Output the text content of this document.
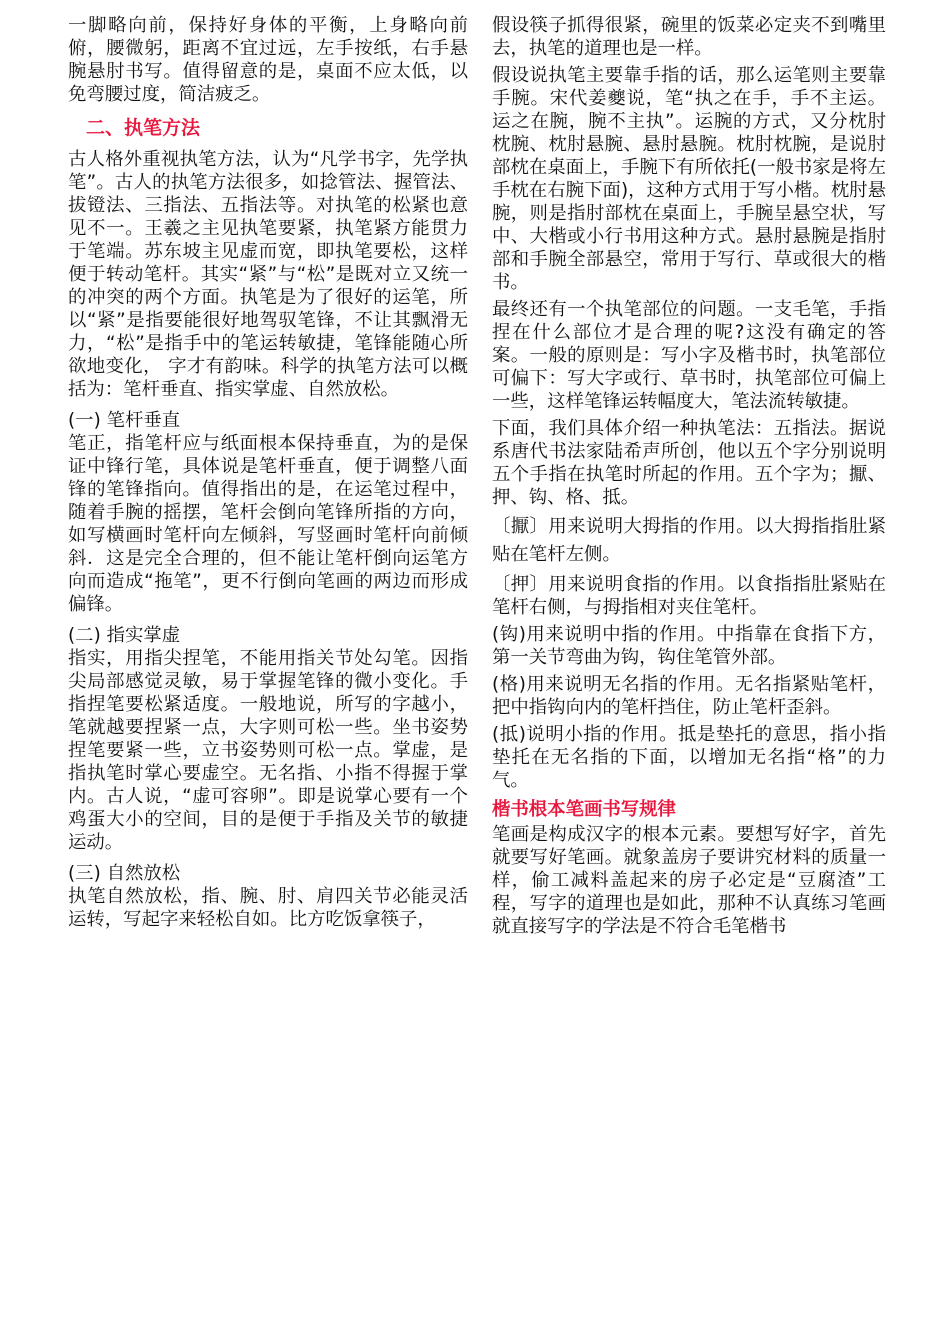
一脚略向前，保持好身体的平衡，上身略向前俯，腰微躬，距离不宜过远，左手按纸，右手悬腕悬肘书写。值得留意的是，桌面不应太低，以免弯腰过度，简洁疲乏。

二、执笔方法

古人格外重视执笔方法，认为“凡学书字，先学执笔”。古人的执笔方法很多，如捻管法、握管法、拔镫法、三指法、五指法等。对执笔的松紧也意见不一。王羲之主见执笔要紧，执笔紧方能贯力于笔端。苏东坡主见虚而宽，即执笔要松，这样便于转动笔杆。其实“紧”与“松”是既对立又统一的冲突的两个方面。执笔是为了很好的运笔，所以“紧”是指要能很好地驾驭笔锋，不让其飘滑无力，“松”是指手中的笔运转敏捷，笔锋能随心所欲地变化， 字才有韵味。科学的执笔方法可以概括为：笔杆垂直、指实掌虚、自然放松。

(一) 笔杆垂直

笔正，指笔杆应与纸面根本保持垂直，为的是保证中锋行笔，具体说是笔杆垂直，便于调整八面锋的笔锋指向。值得指出的是，在运笔过程中，随着手腕的摇摆，笔杆会倒向笔锋所指的方向，如写横画时笔杆向左倾斜，写竖画时笔杆向前倾斜．这是完全合理的，但不能让笔杆倒向运笔方向而造成“拖笔”，更不行倒向笔画的两边而形成偏锋。

(二) 指实掌虚

指实，用指尖捏笔，不能用指关节处勾笔。因指尖局部感觉灵敏，易于掌握笔锋的微小变化。手指捏笔要松紧适度。一般地说，所写的字越小，笔就越要捏紧一点，大字则可松一些。坐书姿势捏笔要紧一些，立书姿势则可松一点。掌虚，是指执笔时掌心要虚空。无名指、小指不得握于掌内。古人说，“虚可容卵”。即是说掌心要有一个鸡蛋大小的空间，目的是便于手指及关节的敏捷运动。

(三) 自然放松

执笔自然放松，指、腕、肘、肩四关节必能灵活运转，写起字来轻松自如。比方吃饭拿筷子，

假设筷子抓得很紧，碗里的饭菜必定夹不到嘴里去，执笔的道理也是一样。

假设说执笔主要靠手指的话，那么运笔则主要靠手腕。宋代姜夔说，笔“执之在手，手不主运。运之在腕，腕不主执”。运腕的方式，又分枕肘枕腕、枕肘悬腕、悬肘悬腕。枕肘枕腕，是说肘部枕在桌面上，手腕下有所依托(一般书家是将左手枕在右腕下面)，这种方式用于写小楷。枕肘悬腕，则是指肘部枕在桌面上，手腕呈悬空状，写中、大楷或小行书用这种方式。悬肘悬腕是指肘部和手腕全部悬空，常用于写行、草或很大的楷书。

最终还有一个执笔部位的问题。一支毛笔，手指捏在什么部位才是合理的呢?这没有确定的答案。一般的原则是：写小字及楷书时，执笔部位可偏下：写大字或行、草书时，执笔部位可偏上一些，这样笔锋运转幅度大，笔法流转敏捷。

下面，我们具体介绍一种执笔法：五指法。据说系唐代书法家陆希声所创，他以五个字分别说明五个手指在执笔时所起的作用。五个字为；擫、押、钩、格、抵。

〔擫〕用来说明大拇指的作用。以大拇指指肚紧贴在笔杆左侧。

〔押〕用来说明食指的作用。以食指指肚紧贴在笔杆右侧，与拇指相对夹住笔杆。

(钩)用来说明中指的作用。中指靠在食指下方，第一关节弯曲为钩，钩住笔管外部。

(格)用来说明无名指的作用。无名指紧贴笔杆，把中指钩向内的笔杆挡住，防止笔杆歪斜。

(抵)说明小指的作用。抵是垫托的意思，指小指垫托在无名指的下面，以增加无名指“格”的力气。

楷书根本笔画书写规律

笔画是构成汉字的根本元素。要想写好字，首先就要写好笔画。就象盖房子要讲究材料的质量一样，偷工减料盖起来的房子必定是“豆腐渣”工程，写字的道理也是如此，那种不认真练习笔画就直接写字的学法是不符合毛笔楷书
